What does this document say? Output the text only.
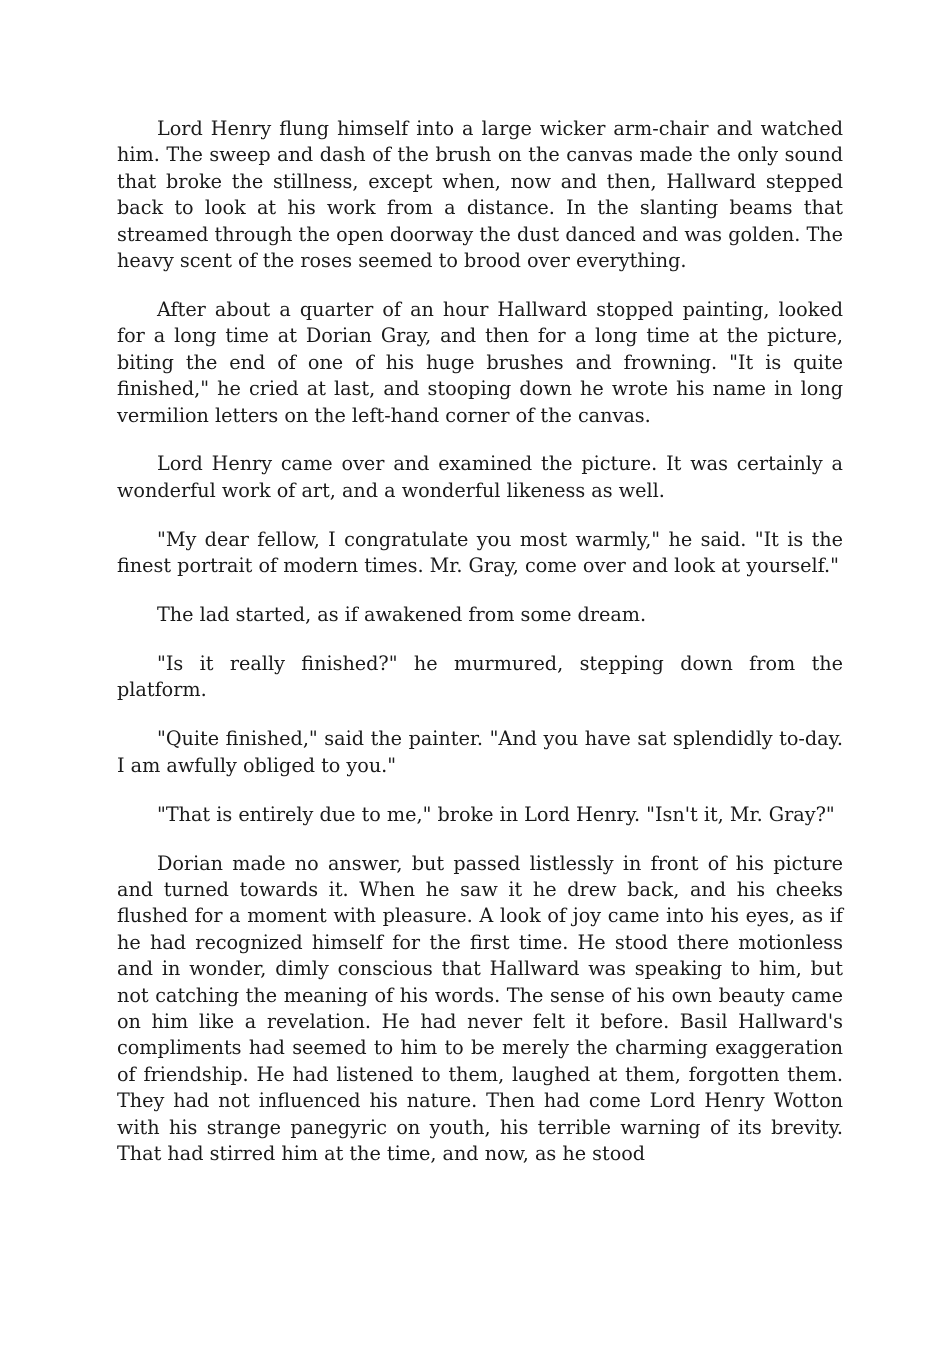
Lord Henry flung himself into a large wicker arm-chair and watched him. The sweep and dash of the brush on the canvas made the only sound that broke the stillness, except when, now and then, Hallward stepped back to look at his work from a distance. In the slanting beams that streamed through the open doorway the dust danced and was golden. The heavy scent of the roses seemed to brood over everything.

After about a quarter of an hour Hallward stopped painting, looked for a long time at Dorian Gray, and then for a long time at the picture, biting the end of one of his huge brushes and frowning. "It is quite finished," he cried at last, and stooping down he wrote his name in long vermilion letters on the left-hand corner of the canvas.

Lord Henry came over and examined the picture. It was certainly a wonderful work of art, and a wonderful likeness as well.

"My dear fellow, I congratulate you most warmly," he said. "It is the finest portrait of modern times. Mr. Gray, come over and look at yourself."

The lad started, as if awakened from some dream.

"Is it really finished?" he murmured, stepping down from the platform.

"Quite finished," said the painter. "And you have sat splendidly to-day. I am awfully obliged to you."

"That is entirely due to me," broke in Lord Henry. "Isn't it, Mr. Gray?"

Dorian made no answer, but passed listlessly in front of his picture and turned towards it. When he saw it he drew back, and his cheeks flushed for a moment with pleasure. A look of joy came into his eyes, as if he had recognized himself for the first time. He stood there motionless and in wonder, dimly conscious that Hallward was speaking to him, but not catching the meaning of his words. The sense of his own beauty came on him like a revelation. He had never felt it before. Basil Hallward's compliments had seemed to him to be merely the charming exaggeration of friendship. He had listened to them, laughed at them, forgotten them. They had not influenced his nature. Then had come Lord Henry Wotton with his strange panegyric on youth, his terrible warning of its brevity. That had stirred him at the time, and now, as he stood
